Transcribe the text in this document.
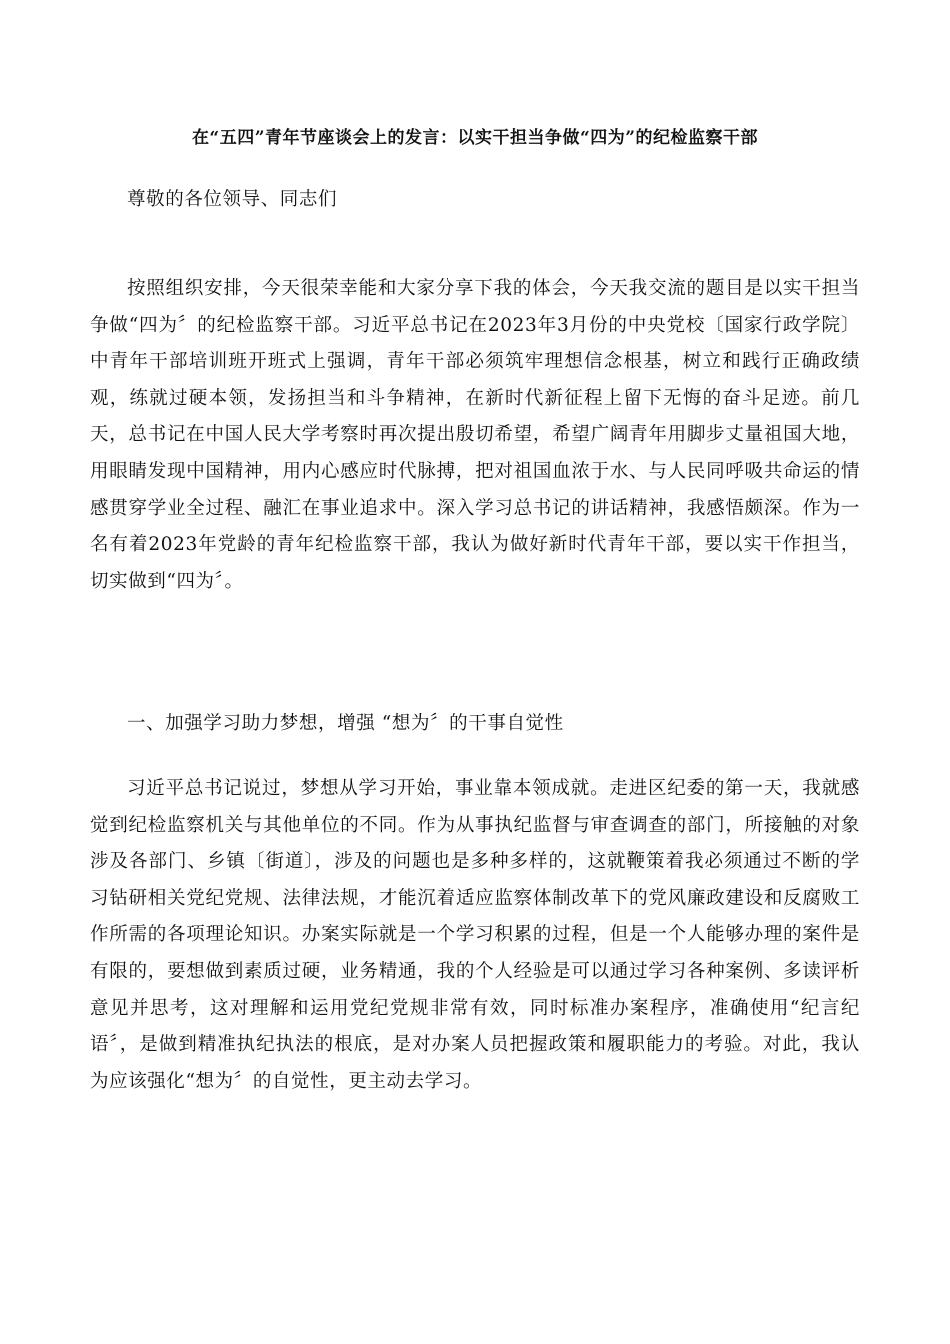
在“五四”青年节座谈会上的发言：以实干担当争做“四为”的纪检监察干部

尊敬的各位领导、同志们

按照组织安排，今天很荣幸能和大家分享下我的体会，今天我交流的题目是以实干担当争做“四为〞的纪检监察干部。习近平总书记在2023年3月份的中央党校〔国家行政学院〕中青年干部培训班开班式上强调，青年干部必须筑牢理想信念根基，树立和践行正确政绩观，练就过硬本领，发扬担当和斗争精神，在新时代新征程上留下无悔的奋斗足迹。前几天，总书记在中国人民大学考察时再次提出殷切希望，希望广阔青年用脚步丈量祖国大地，用眼睛发现中国精神，用内心感应时代脉搏，把对祖国血浓于水、与人民同呼吸共命运的情感贯穿学业全过程、融汇在事业追求中。深入学习总书记的讲话精神，我感悟颇深。作为一名有着2023年党龄的青年纪检监察干部，我认为做好新时代青年干部，要以实干作担当，切实做到“四为〞。

一、加强学习助力梦想，增强 “想为〞的干事自觉性

习近平总书记说过，梦想从学习开始，事业靠本领成就。走进区纪委的第一天，我就感觉到纪检监察机关与其他单位的不同。作为从事执纪监督与审查调查的部门，所接触的对象涉及各部门、乡镇〔街道〕，涉及的问题也是多种多样的，这就鞭策着我必须通过不断的学习钻研相关党纪党规、法律法规，才能沉着适应监察体制改革下的党风廉政建设和反腐败工作所需的各项理论知识。办案实际就是一个学习积累的过程，但是一个人能够办理的案件是有限的，要想做到素质过硬，业务精通，我的个人经验是可以通过学习各种案例、多读评析意见并思考，这对理解和运用党纪党规非常有效，同时标准办案程序，准确使用“纪言纪语〞，是做到精准执纪执法的根底，是对办案人员把握政策和履职能力的考验。对此，我认为应该强化“想为〞的自觉性，更主动去学习。
